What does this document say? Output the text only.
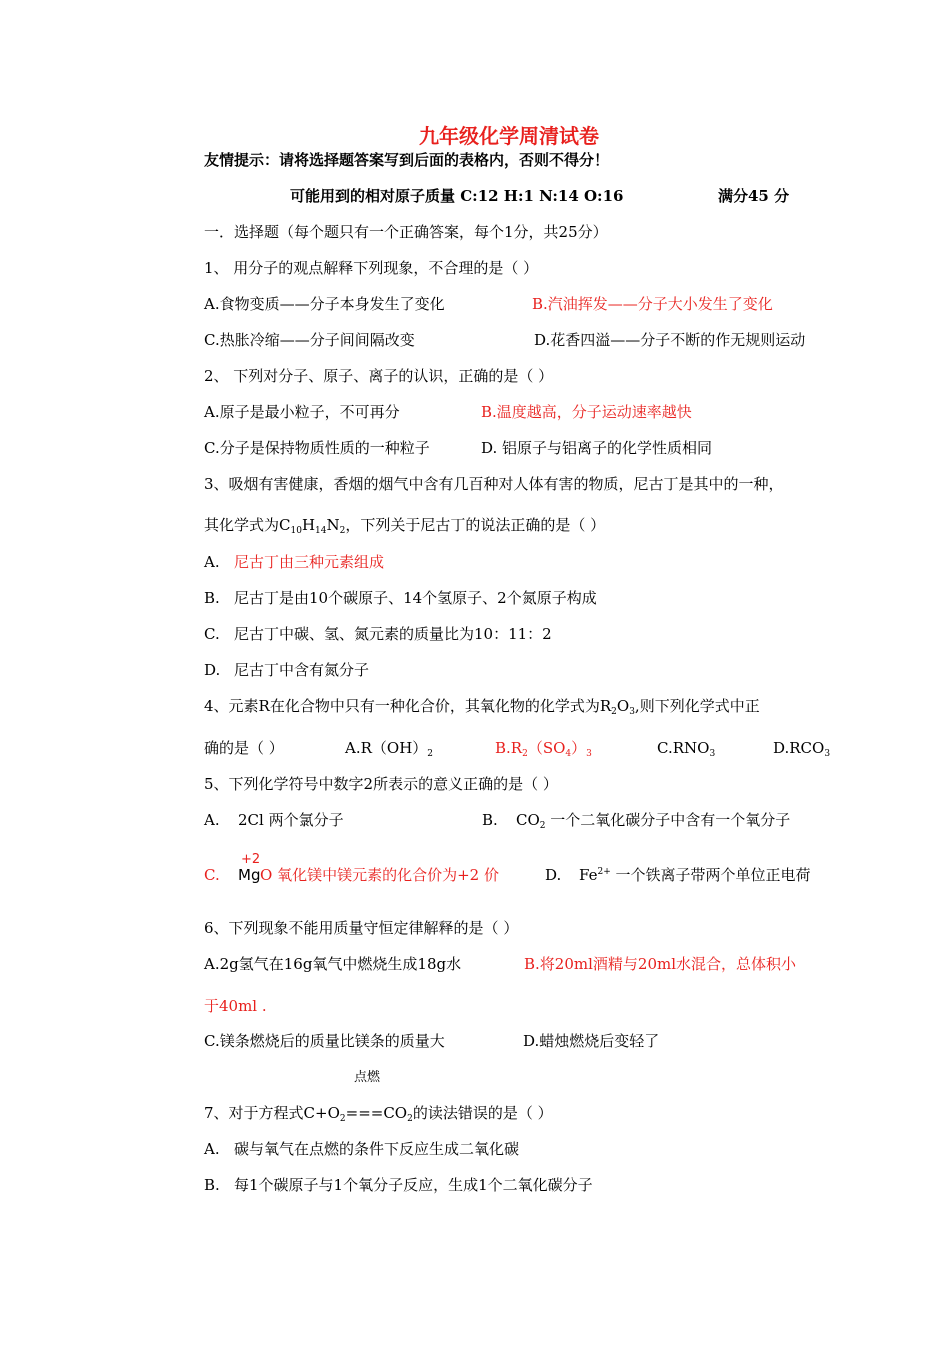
九年级化学周清试卷
友情提示：请将选择题答案写到后面的表格内，否则不得分！
可能用到的相对原子质量 C:12 H:1 N:14 O:16	满分45 分
一．选择题（每个题只有一个正确答案，每个1分，共25分）
1、 用分子的观点解释下列现象，不合理的是（ ）
A.食物变质——分子本身发生了变化	B.汽油挥发——分子大小发生了变化
C.热胀冷缩——分子间间隔改变	D.花香四溢——分子不断的作无规则运动
2、 下列对分子、原子、离子的认识，正确的是（ ）
A.原子是最小粒子，不可再分	B.温度越高，分子运动速率越快
C.分子是保持物质性质的一种粒子	D. 铝原子与铝离子的化学性质相同
3、吸烟有害健康，香烟的烟气中含有几百种对人体有害的物质，尼古丁是其中的一种，
其化学式为$C_{10}H_{14}N_2$，下列关于尼古丁的说法正确的是（ ）
A. 尼古丁由三种元素组成
B. 尼古丁是由10个碳原子、14个氢原子、2个氮原子构成
C. 尼古丁中碳、氢、氮元素的质量比为10：11：2
D. 尼古丁中含有氮分子
4、元素R在化合物中只有一种化合价，其氧化物的化学式为$R_2O_3$,则下列化学式中正
确的是（ ）	$A.R(OH)_2$	$B.R_2(SO_4)_3$	$C.RNO_3$	$D.RCO_3$
5、下列化学符号中数字2所表示的意义正确的是（ ）
A. 2Cl 两个氯分子	B. $CO_2$ 一个二氧化碳分子中含有一个氧分子
+2
C. Mg O 氧化镁中镁元素的化合价为+2 价	D. $Fe^{2+}$ 一个铁离子带两个单位正电荷
6、下列现象不能用质量守恒定律解释的是（ ）
A.2g氢气在16g氧气中燃烧生成18g水	B.将20ml酒精与20ml水混合，总体积小
于40ml .
C.镁条燃烧后的质量比镁条的质量大	D.蜡烛燃烧后变轻了
点燃
7、对于方程式$C+O_2===CO_2$的读法错误的是（ ）
A. 碳与氧气在点燃的条件下反应生成二氧化碳
B. 每1个碳原子与1个氧分子反应，生成1个二氧化碳分子
